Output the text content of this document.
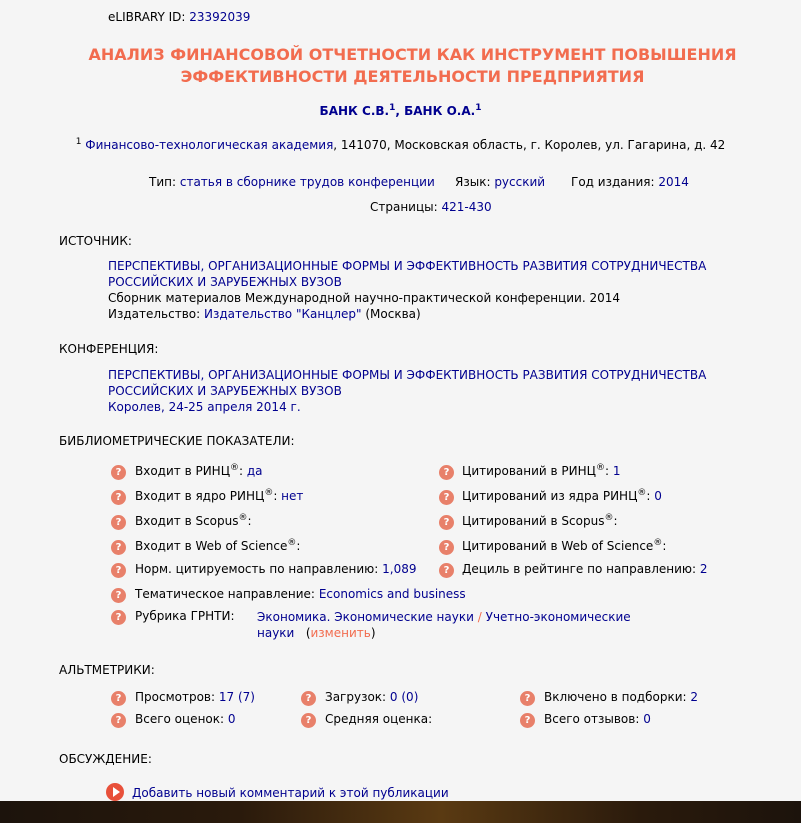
eLIBRARY ID: 23392039
АНАЛИЗ ФИНАНСОВОЙ ОТЧЕТНОСТИ КАК ИНСТРУМЕНТ ПОВЫШЕНИЯ ЭФФЕКТИВНОСТИ ДЕЯТЕЛЬНОСТИ ПРЕДПРИЯТИЯ
БАНК С.В.$^1$, БАНК О.А.$^1$
$^1$ Финансово-технологическая академия, 141070, Московская область, г. Королев, ул. Гагарина, д. 42
Тип: статья в сборнике трудов конференции Язык: русский Год издания: 2014
Страницы: 421-430
ИСТОЧНИК:
ПЕРСПЕКТИВЫ, ОРГАНИЗАЦИОННЫЕ ФОРМЫ И ЭФФЕКТИВНОСТЬ РАЗВИТИЯ СОТРУДНИЧЕСТВА
РОССИЙСКИХ И ЗАРУБЕЖНЫХ ВУЗОВ
Сборник материалов Международной научно-практической конференции. 2014
Издательство: Издательство "Канцлер" (Москва)
КОНФЕРЕНЦИЯ:
ПЕРСПЕКТИВЫ, ОРГАНИЗАЦИОННЫЕ ФОРМЫ И ЭФФЕКТИВНОСТЬ РАЗВИТИЯ СОТРУДНИЧЕСТВА
РОССИЙСКИХ И ЗАРУБЕЖНЫХ ВУЗОВ
Королев, 24-25 апреля 2014 г.
БИБЛИОМЕТРИЧЕСКИЕ ПОКАЗАТЕЛИ:
?	Входит в РИНЦ®: да	?	Цитирований в РИНЦ®: 1
?	Входит в ядро РИНЦ®: нет	?	Цитирований из ядра РИНЦ®: 0
?	Входит в Scopus®:	?	Цитирований в Scopus®:
?	Входит в Web of Science®:	?	Цитирований в Web of Science®:
?	Норм. цитируемость по направлению: 1,089	?	Дециль в рейтинге по направлению: 2
?	Тематическое направление: Economics and business
?	Рубрика ГРНТИ: Экономика. Экономические науки / Учетно-экономические
науки (изменить)
АЛЬТМЕТРИКИ:
?	Просмотров: 17 (7)	?	Загрузок: 0 (0)	?	Включено в подборки: 2
?	Всего оценок: 0	?	Средняя оценка:	?	Всего отзывов: 0
ОБСУЖДЕНИЕ:
Добавить новый комментарий к этой публикации
